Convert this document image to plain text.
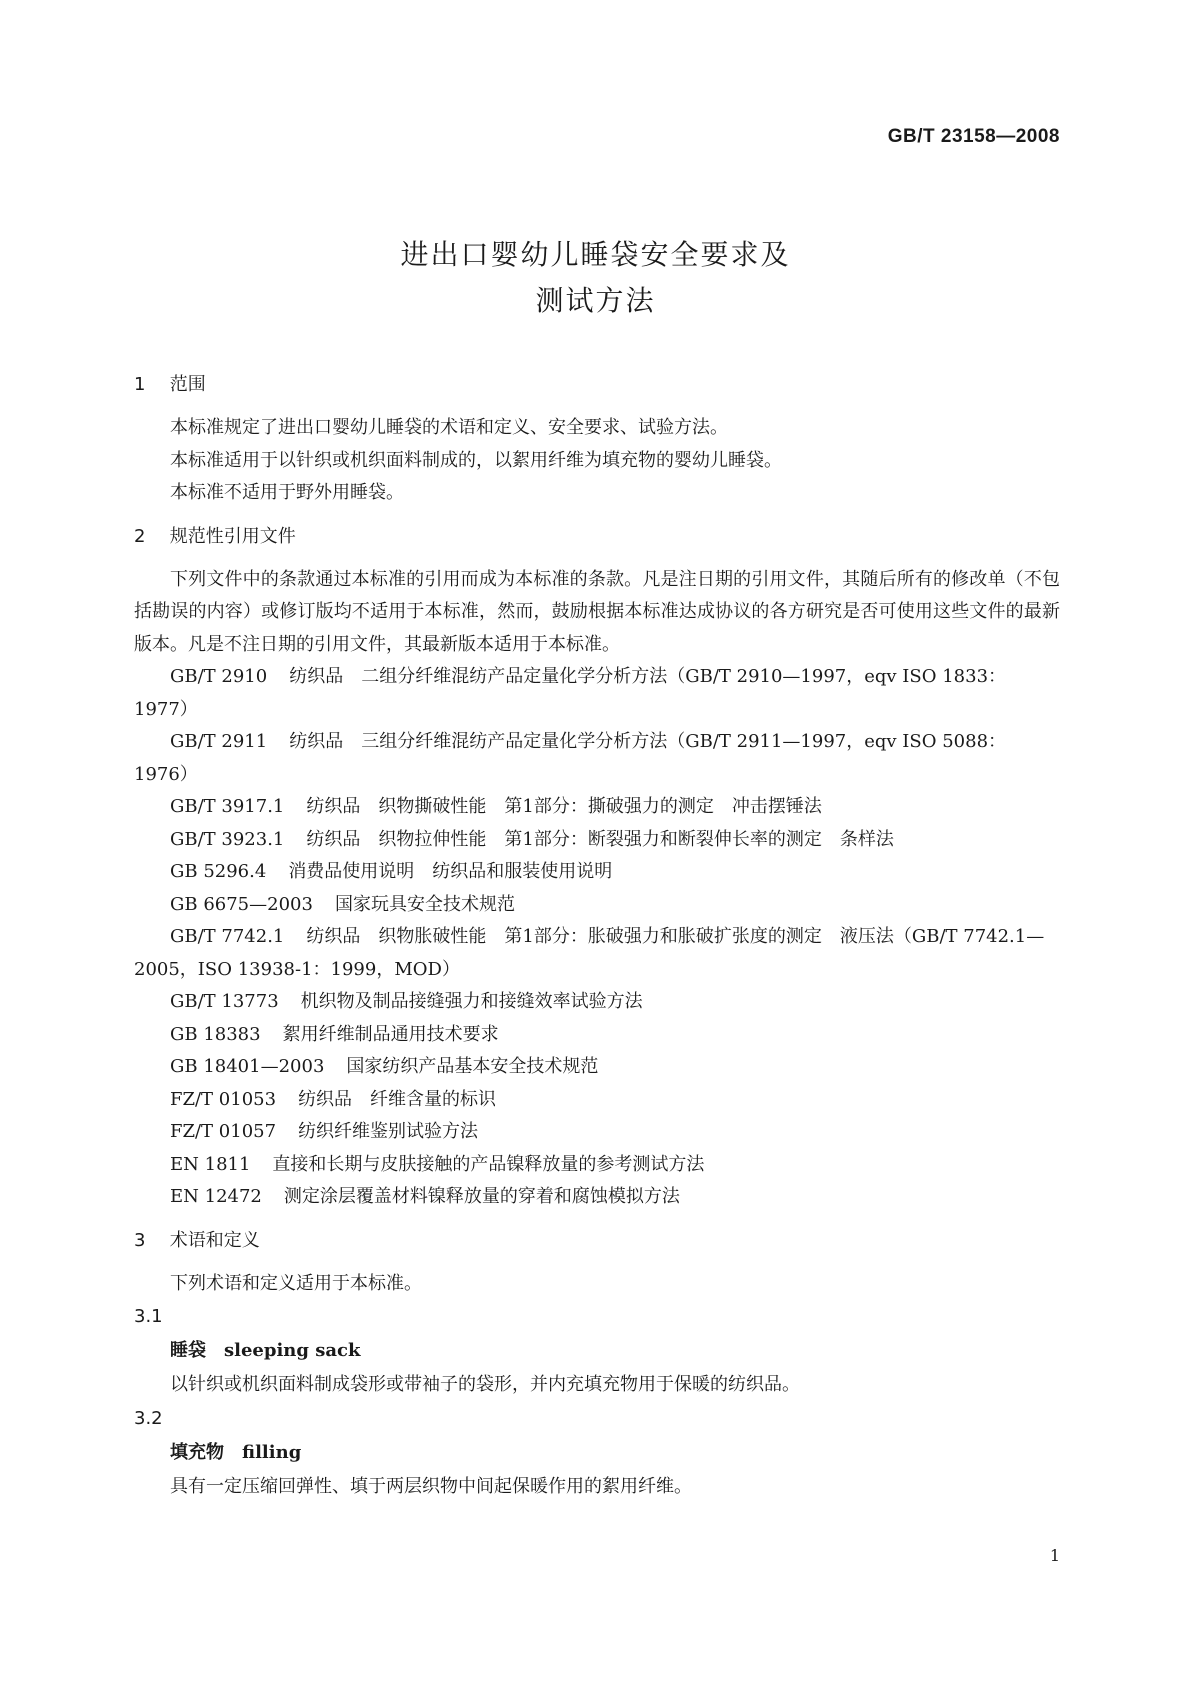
GB/T 23158—2008
进出口婴幼儿睡袋安全要求及
测试方法
1 范围
本标准规定了进出口婴幼儿睡袋的术语和定义、安全要求、试验方法。
本标准适用于以针织或机织面料制成的，以絮用纤维为填充物的婴幼儿睡袋。
本标准不适用于野外用睡袋。
2 规范性引用文件
下列文件中的条款通过本标准的引用而成为本标准的条款。凡是注日期的引用文件，其随后所有的修改单（不包括勘误的内容）或修订版均不适用于本标准，然而，鼓励根据本标准达成协议的各方研究是否可使用这些文件的最新版本。凡是不注日期的引用文件，其最新版本适用于本标准。
GB/T 2910 纺织品　二组分纤维混纺产品定量化学分析方法（GB/T 2910—1997，eqv ISO 1833：1977）
GB/T 2911 纺织品　三组分纤维混纺产品定量化学分析方法（GB/T 2911—1997，eqv ISO 5088：1976）
GB/T 3917.1 纺织品　织物撕破性能　第1部分：撕破强力的测定　冲击摆锤法
GB/T 3923.1 纺织品　织物拉伸性能　第1部分：断裂强力和断裂伸长率的测定　条样法
GB 5296.4 消费品使用说明　纺织品和服装使用说明
GB 6675—2003 国家玩具安全技术规范
GB/T 7742.1 纺织品　织物胀破性能　第1部分：胀破强力和胀破扩张度的测定　液压法（GB/T 7742.1—2005，ISO 13938-1：1999，MOD）
GB/T 13773 机织物及制品接缝强力和接缝效率试验方法
GB 18383 絮用纤维制品通用技术要求
GB 18401—2003 国家纺织产品基本安全技术规范
FZ/T 01053 纺织品　纤维含量的标识
FZ/T 01057 纺织纤维鉴别试验方法
EN 1811 直接和长期与皮肤接触的产品镍释放量的参考测试方法
EN 12472 测定涂层覆盖材料镍释放量的穿着和腐蚀模拟方法
3 术语和定义
下列术语和定义适用于本标准。
3.1
睡袋 sleeping sack
以针织或机织面料制成袋形或带袖子的袋形，并内充填充物用于保暖的纺织品。
3.2
填充物 filling
具有一定压缩回弹性、填于两层织物中间起保暖作用的絮用纤维。
1
